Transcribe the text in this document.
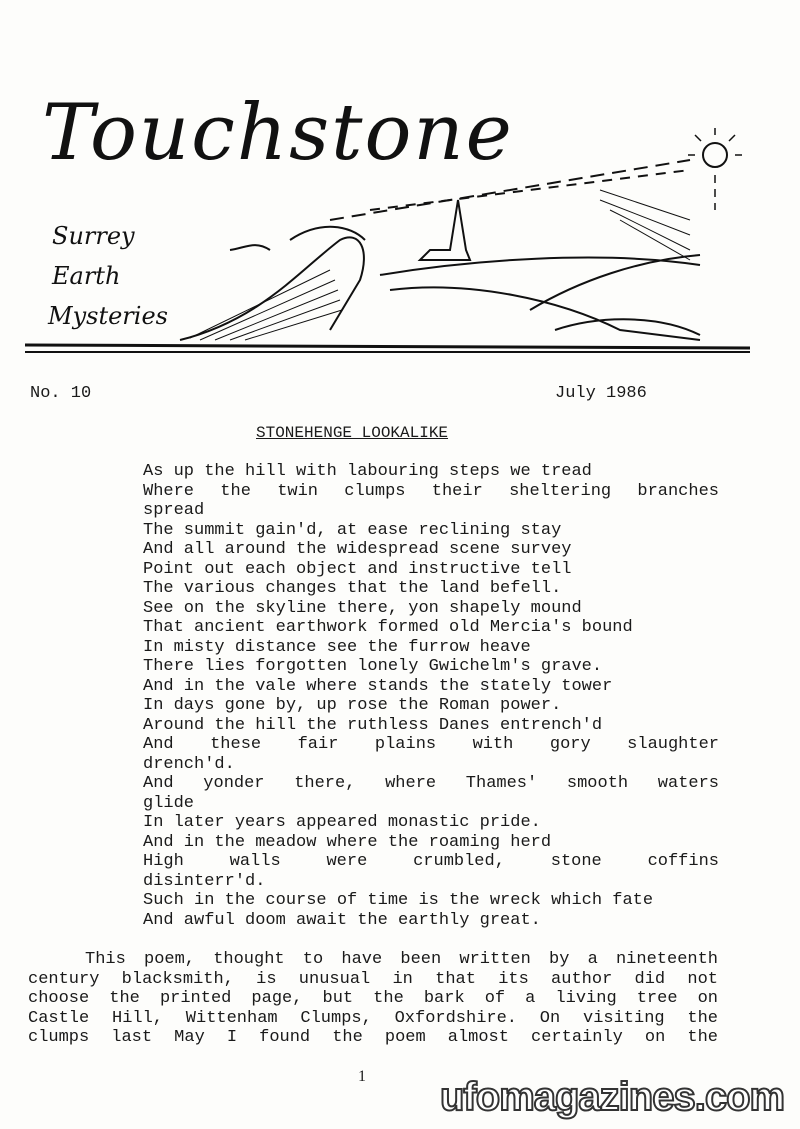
Touchstone
Surrey
Earth
Mysteries
No. 10	July 1986
STONEHENGE LOOKALIKE
As up the hill with labouring steps we tread
Where the twin clumps their sheltering branches
spread
The summit gain'd, at ease reclining stay
And all around the widespread scene survey
Point out each object and instructive tell
The various changes that the land befell.
See on the skyline there, yon shapely mound
That ancient earthwork formed old Mercia's bound
In misty distance see the furrow heave
There lies forgotten lonely Gwichelm's grave.
And in the vale where stands the stately tower
In days gone by, up rose the Roman power.
Around the hill the ruthless Danes entrench'd
And these fair plains with gory slaughter
drench'd.
And yonder there, where Thames' smooth waters
glide
In later years appeared monastic pride.
And in the meadow where the roaming herd
High walls were crumbled, stone coffins
disinterr'd.
Such in the course of time is the wreck which fate
And awful doom await the earthly great.
This poem, thought to have been written by a nineteenth
century blacksmith, is unusual in that its author did not
choose the printed page, but the bark of a living tree on
Castle Hill, Wittenham Clumps, Oxfordshire. On visiting the
clumps last May I found the poem almost certainly on the
1 ufomagazines.com
